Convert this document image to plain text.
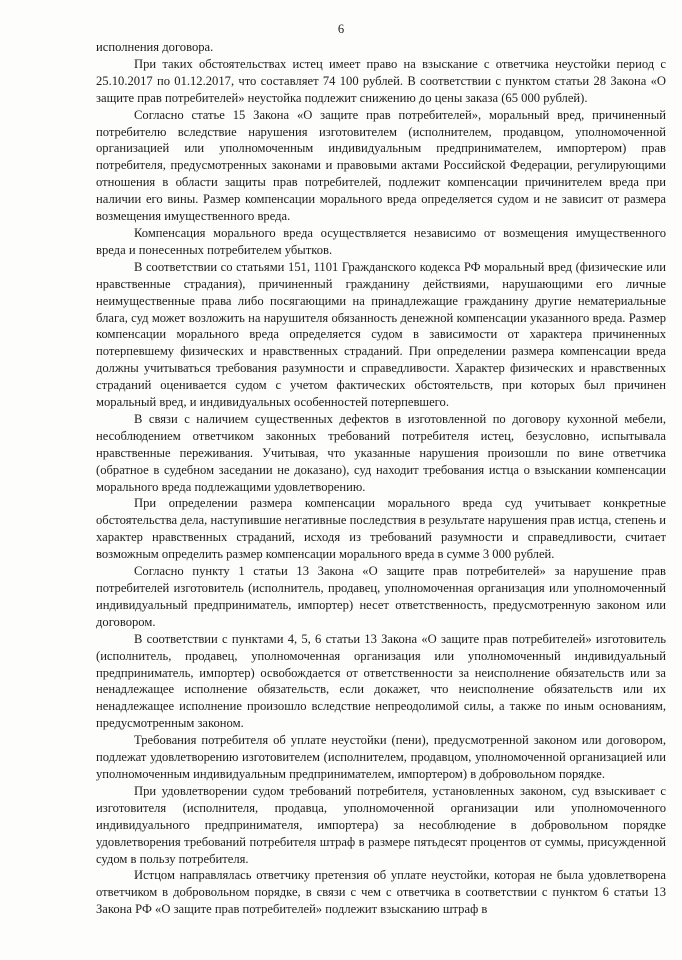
6

исполнения договора.

При таких обстоятельствах истец имеет право на взыскание с ответчика неустойки период с 25.10.2017 по 01.12.2017, что составляет 74 100 рублей. В соответствии с пунктом статьи 28 Закона «О защите прав потребителей» неустойка подлежит снижению до цены заказа (65 000 рублей).

Согласно статье 15 Закона «О защите прав потребителей», моральный вред, причиненный потребителю вследствие нарушения изготовителем (исполнителем, продавцом, уполномоченной организацией или уполномоченным индивидуальным предпринимателем, импортером) прав потребителя, предусмотренных законами и правовыми актами Российской Федерации, регулирующими отношения в области защиты прав потребителей, подлежит компенсации причинителем вреда при наличии его вины. Размер компенсации морального вреда определяется судом и не зависит от размера возмещения имущественного вреда.

Компенсация морального вреда осуществляется независимо от возмещения имущественного вреда и понесенных потребителем убытков.

В соответствии со статьями 151, 1101 Гражданского кодекса РФ моральный вред (физические или нравственные страдания), причиненный гражданину действиями, нарушающими его личные неимущественные права либо посягающими на принадлежащие гражданину другие нематериальные блага, суд может возложить на нарушителя обязанность денежной компенсации указанного вреда. Размер компенсации морального вреда определяется судом в зависимости от характера причиненных потерпевшему физических и нравственных страданий. При определении размера компенсации вреда должны учитываться требования разумности и справедливости. Характер физических и нравственных страданий оценивается судом с учетом фактических обстоятельств, при которых был причинен моральный вред, и индивидуальных особенностей потерпевшего.

В связи с наличием существенных дефектов в изготовленной по договору кухонной мебели, несоблюдением ответчиком законных требований потребителя истец, безусловно, испытывала нравственные переживания. Учитывая, что указанные нарушения произошли по вине ответчика (обратное в судебном заседании не доказано), суд находит требования истца о взыскании компенсации морального вреда подлежащими удовлетворению.

При определении размера компенсации морального вреда суд учитывает конкретные обстоятельства дела, наступившие негативные последствия в результате нарушения прав истца, степень и характер нравственных страданий, исходя из требований разумности и справедливости, считает возможным определить размер компенсации морального вреда в сумме 3 000 рублей.

Согласно пункту 1 статьи 13 Закона «О защите прав потребителей» за нарушение прав потребителей изготовитель (исполнитель, продавец, уполномоченная организация или уполномоченный индивидуальный предприниматель, импортер) несет ответственность, предусмотренную законом или договором.

В соответствии с пунктами 4, 5, 6 статьи 13 Закона «О защите прав потребителей» изготовитель (исполнитель, продавец, уполномоченная организация или уполномоченный индивидуальный предприниматель, импортер) освобождается от ответственности за неисполнение обязательств или за ненадлежащее исполнение обязательств, если докажет, что неисполнение обязательств или их ненадлежащее исполнение произошло вследствие непреодолимой силы, а также по иным основаниям, предусмотренным законом.

Требования потребителя об уплате неустойки (пени), предусмотренной законом или договором, подлежат удовлетворению изготовителем (исполнителем, продавцом, уполномоченной организацией или уполномоченным индивидуальным предпринимателем, импортером) в добровольном порядке.

При удовлетворении судом требований потребителя, установленных законом, суд взыскивает с изготовителя (исполнителя, продавца, уполномоченной организации или уполномоченного индивидуального предпринимателя, импортера) за несоблюдение в добровольном порядке удовлетворения требований потребителя штраф в размере пятьдесят процентов от суммы, присужденной судом в пользу потребителя.

Истцом направлялась ответчику претензия об уплате неустойки, которая не была удовлетворена ответчиком в добровольном порядке, в связи с чем с ответчика в соответствии с пунктом 6 статьи 13 Закона РФ «О защите прав потребителей» подлежит взысканию штраф в
